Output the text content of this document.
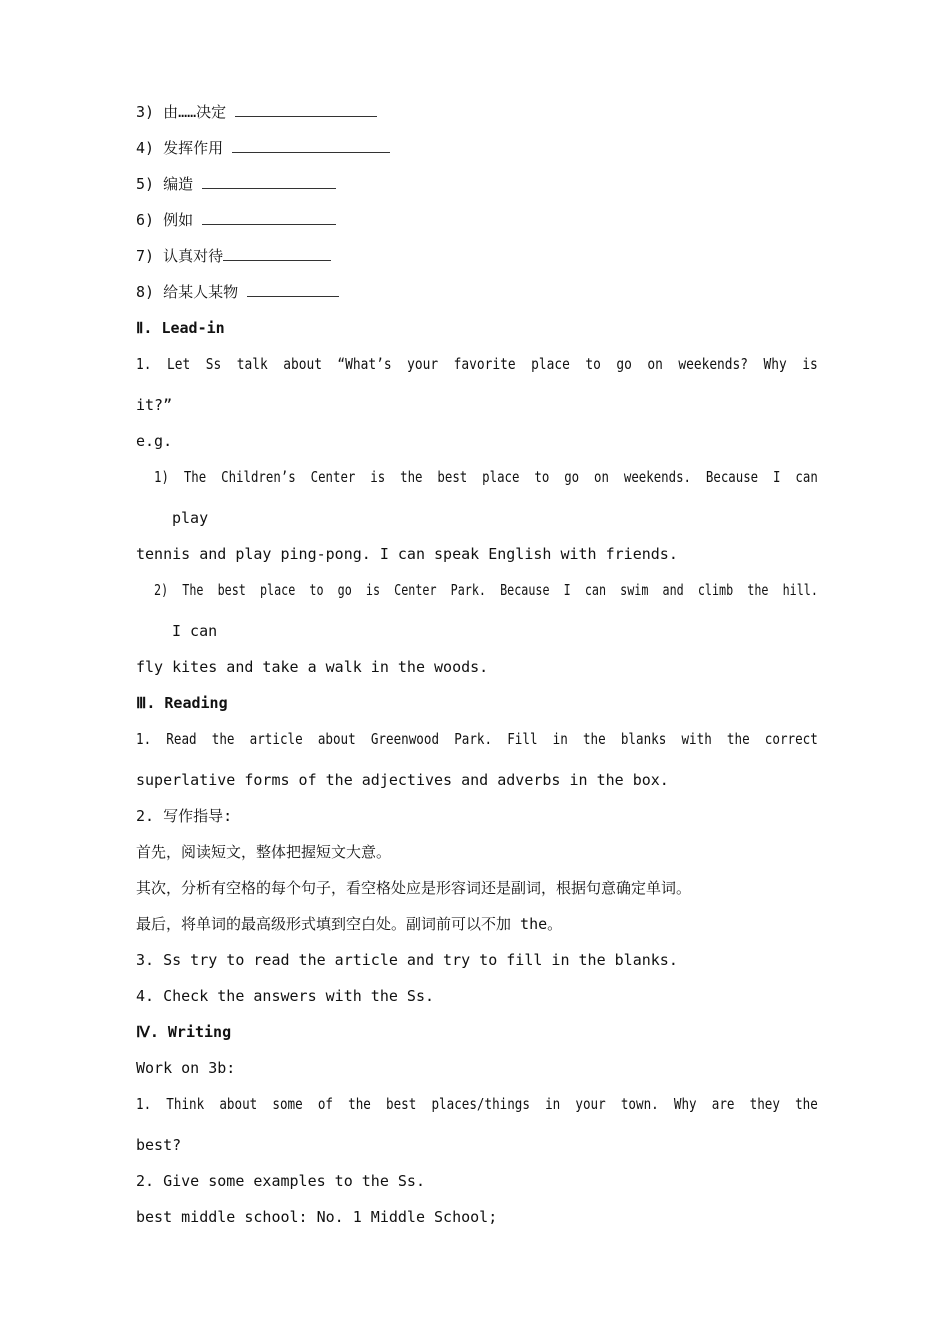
3) 由……决定
4) 发挥作用
5) 编造
6) 例如
7) 认真对待
8) 给某人某物
Ⅱ. Lead-in
1.  Let  Ss  talk  about  “What’s  your  favorite  place  to  go  on  weekends?  Why  is
it?”
e.g.
1)  The  Children’s  Center  is  the  best  place  to  go  on  weekends.  Because  I  can
play
tennis and play ping-pong. I can speak English with friends.
2)  The  best  place  to  go  is  Center  Park.  Because  I  can  swim  and  climb  the  hill.
I can
fly kites and take a walk in the woods.
Ⅲ. Reading
1.  Read  the  article  about  Greenwood  Park.  Fill  in  the  blanks  with  the  correct
superlative forms of the adjectives and adverbs in the box.
2. 写作指导:
首先，阅读短文，整体把握短文大意。
其次，分析有空格的每个句子，看空格处应是形容词还是副词，根据句意确定单词。
最后，将单词的最高级形式填到空白处。副词前可以不加 the。
3. Ss try to read the article and try to fill in the blanks.
4. Check the answers with the Ss.
Ⅳ. Writing
Work on 3b:
1.  Think  about  some  of  the  best  places/things  in  your  town.  Why  are  they  the
best?
2. Give some examples to the Ss.
best middle school: No. 1 Middle School;
